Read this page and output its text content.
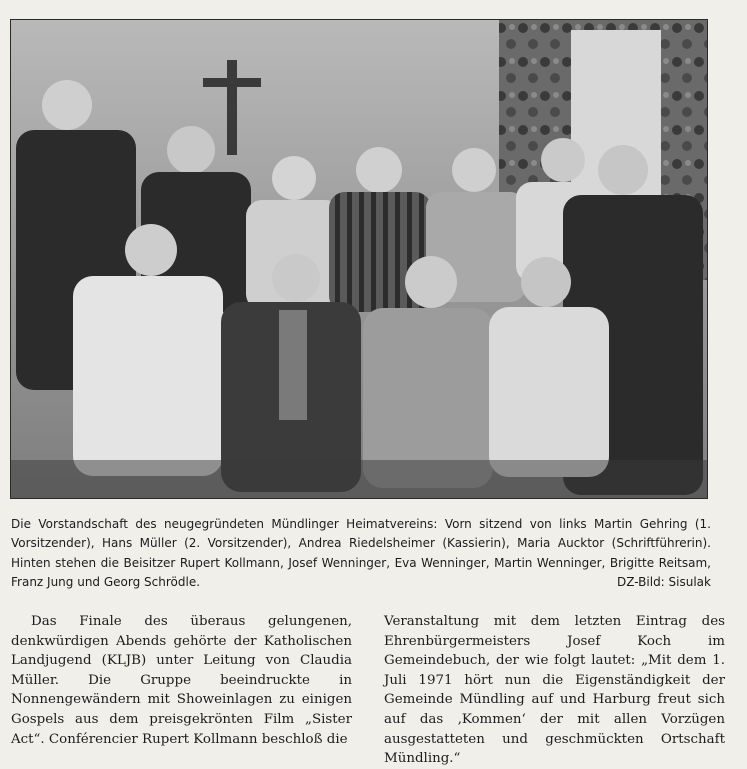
Die Vorstandschaft des neugegründeten Mündlinger Heimatvereins: Vorn sitzend von links Martin Gehring (1. Vorsitzender), Hans Müller (2. Vorsitzender), Andrea Riedelsheimer (Kassierin), Maria Aucktor (Schriftführerin). Hinten stehen die Beisitzer Rupert Kollmann, Josef Wenninger, Eva Wenninger, Martin Wenninger, Brigitte Reitsam, Franz Jung und Georg Schrödle.	DZ-Bild: Sisulak

Das Finale des überaus gelungenen, denkwürdigen Abends gehörte der Katholischen Landjugend (KLJB) unter Leitung von Claudia Müller. Die Gruppe beeindruckte in Nonnengewändern mit Showeinlagen zu einigen Gospels aus dem preisgekrönten Film „Sister Act“. Conférencier Rupert Kollmann beschloß die

Veranstaltung mit dem letzten Eintrag des Ehrenbürgermeisters Josef Koch im Gemeindebuch, der wie folgt lautet: „Mit dem 1. Juli 1971 hört nun die Eigenständigkeit der Gemeinde Mündling auf und Harburg freut sich auf das ‚Kommen‘ der mit allen Vorzügen ausgestatteten und geschmückten Ortschaft Mündling.“
